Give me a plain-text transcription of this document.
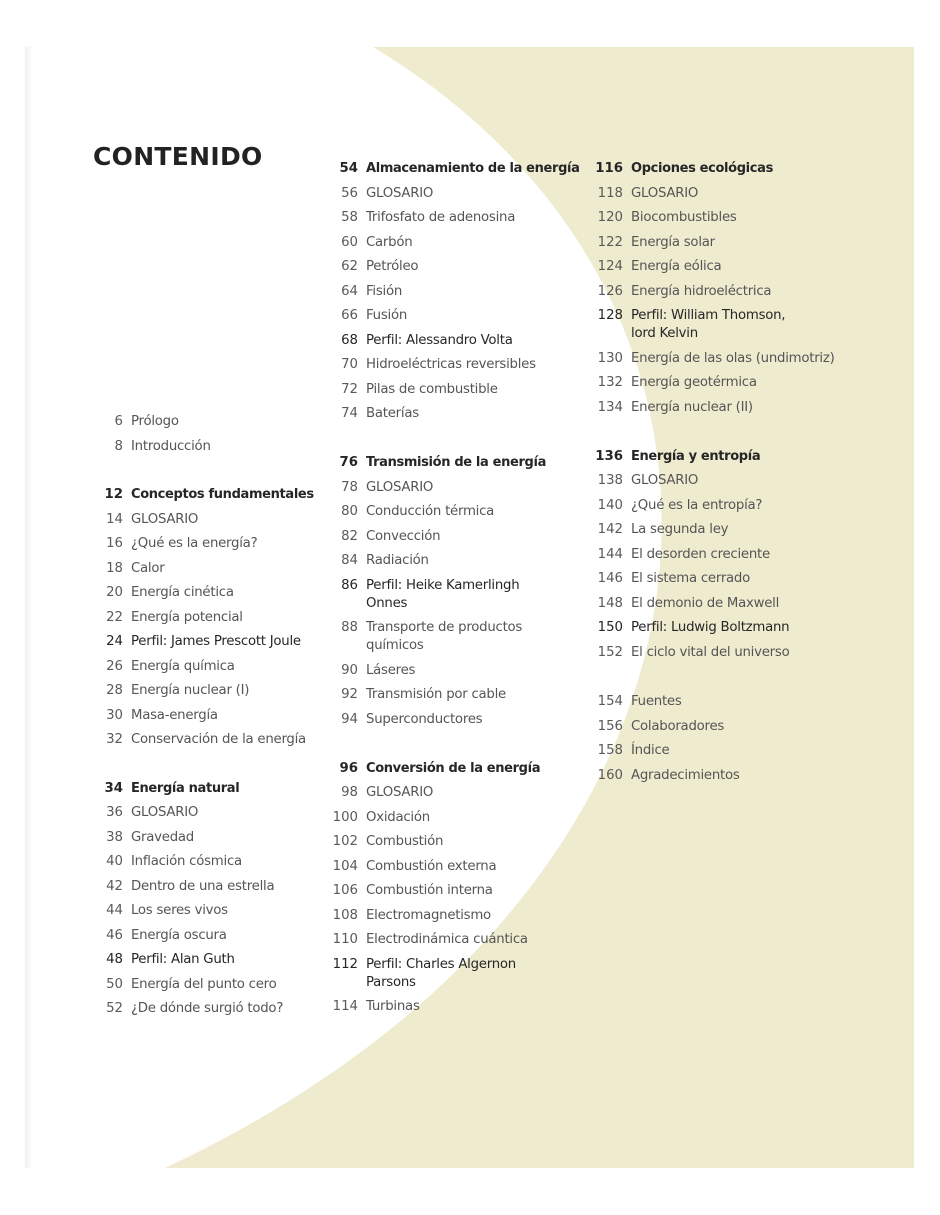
CONTENIDO
6 Prólogo
8 Introducción
12 Conceptos fundamentales
14 GLOSARIO
16 ¿Qué es la energía?
18 Calor
20 Energía cinética
22 Energía potencial
24 Perfil: James Prescott Joule
26 Energía química
28 Energía nuclear (I)
30 Masa-energía
32 Conservación de la energía
34 Energía natural
36 GLOSARIO
38 Gravedad
40 Inflación cósmica
42 Dentro de una estrella
44 Los seres vivos
46 Energía oscura
48 Perfil: Alan Guth
50 Energía del punto cero
52 ¿De dónde surgió todo?
54 Almacenamiento de la energía
56 GLOSARIO
58 Trifosfato de adenosina
60 Carbón
62 Petróleo
64 Fisión
66 Fusión
68 Perfil: Alessandro Volta
70 Hidroeléctricas reversibles
72 Pilas de combustible
74 Baterías
76 Transmisión de la energía
78 GLOSARIO
80 Conducción térmica
82 Convección
84 Radiación
86 Perfil: Heike Kamerlingh
Onnes
88 Transporte de productos
químicos
90 Láseres
92 Transmisión por cable
94 Superconductores
96 Conversión de la energía
98 GLOSARIO
100 Oxidación
102 Combustión
104 Combustión externa
106 Combustión interna
108 Electromagnetismo
110 Electrodinámica cuántica
112 Perfil: Charles Algernon
Parsons
114 Turbinas
116 Opciones ecológicas
118 GLOSARIO
120 Biocombustibles
122 Energía solar
124 Energía eólica
126 Energía hidroeléctrica
128 Perfil: William Thomson,
lord Kelvin
130 Energía de las olas (undimotriz)
132 Energía geotérmica
134 Energía nuclear (II)
136 Energía y entropía
138 GLOSARIO
140 ¿Qué es la entropía?
142 La segunda ley
144 El desorden creciente
146 El sistema cerrado
148 El demonio de Maxwell
150 Perfil: Ludwig Boltzmann
152 El ciclo vital del universo
154 Fuentes
156 Colaboradores
158 Índice
160 Agradecimientos
